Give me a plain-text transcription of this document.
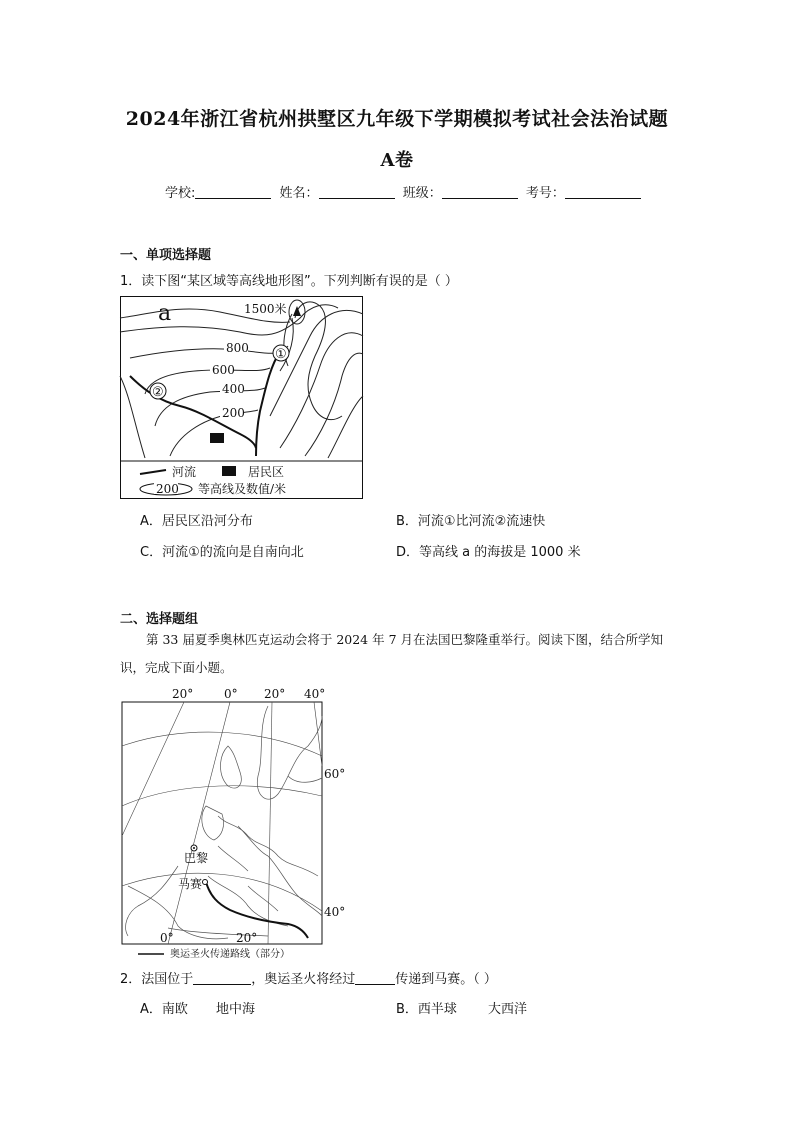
2024年浙江省杭州拱墅区九年级下学期模拟考试社会法治试题
A卷
学校:	姓名：	班级：	考号：
一、单项选择题
1．读下图“某区域等高线地形图”。下列判断有误的是（ ）
a	1500米
800
600
400
200
①
②
河流	居民区
200 等高线及数值/米
A．居民区沿河分布	B．河流①比河流②流速快
C．河流①的流向是自南向北	D．等高线 a 的海拔是 1000 米
二、选择题组
第 33 届夏季奥林匹克运动会将于 2024 年 7 月在法国巴黎隆重举行。阅读下图，结合所学知识，完成下面小题。
20°	0° 20° 40°
巴黎
马赛
60°
40°
0°	20°
奥运圣火传递路线（部分）
2．法国位于	，奥运圣火将经过	传递到马赛。（ ）
A．南欧 地中海	B．西半球 大西洋
